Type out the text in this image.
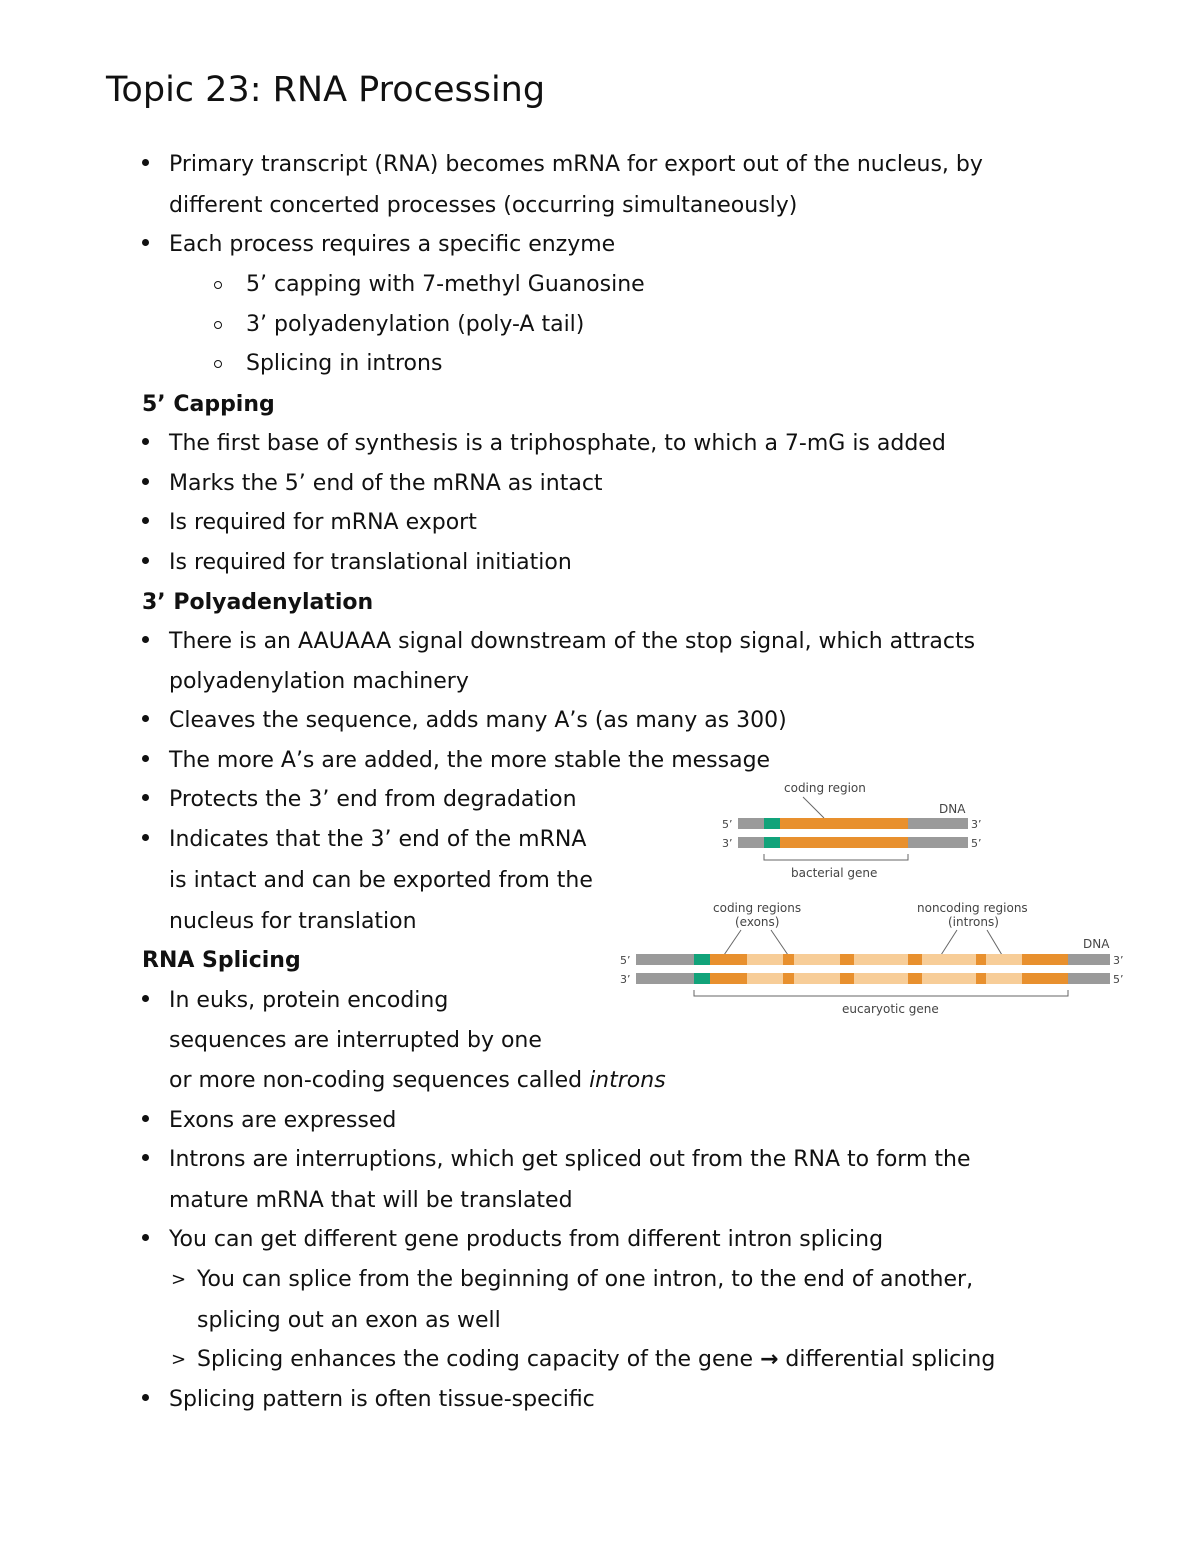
Topic 23: RNA Processing
Primary transcript (RNA) becomes mRNA for export out of the nucleus, by
different concerted processes (occurring simultaneously)
Each process requires a specific enzyme
5’ capping with 7-methyl Guanosine
3’ polyadenylation (poly-A tail)
Splicing in introns
5’ Capping
The first base of synthesis is a triphosphate, to which a 7-mG is added
Marks the 5’ end of the mRNA as intact
Is required for mRNA export
Is required for translational initiation
3’ Polyadenylation
There is an AAUAAA signal downstream of the stop signal, which attracts
polyadenylation machinery
Cleaves the sequence, adds many A’s (as many as 300)
The more A’s are added, the more stable the message
Protects the 3’ end from degradation
Indicates that the 3’ end of the mRNA
is intact and can be exported from the
nucleus for translation
RNA Splicing
In euks, protein encoding
sequences are interrupted by one
or more non-coding sequences called introns
Exons are expressed
Introns are interruptions, which get spliced out from the RNA to form the
mature mRNA that will be translated
You can get different gene products from different intron splicing
> You can splice from the beginning of one intron, to the end of another,
splicing out an exon as well
> Splicing enhances the coding capacity of the gene → differential splicing
Splicing pattern is often tissue-specific
coding region
DNA
5’
3’
3’
5’
bacterial gene
coding regions
(exons)
noncoding regions
(introns)
DNA
5’
3’
3’
5’
eucaryotic gene
